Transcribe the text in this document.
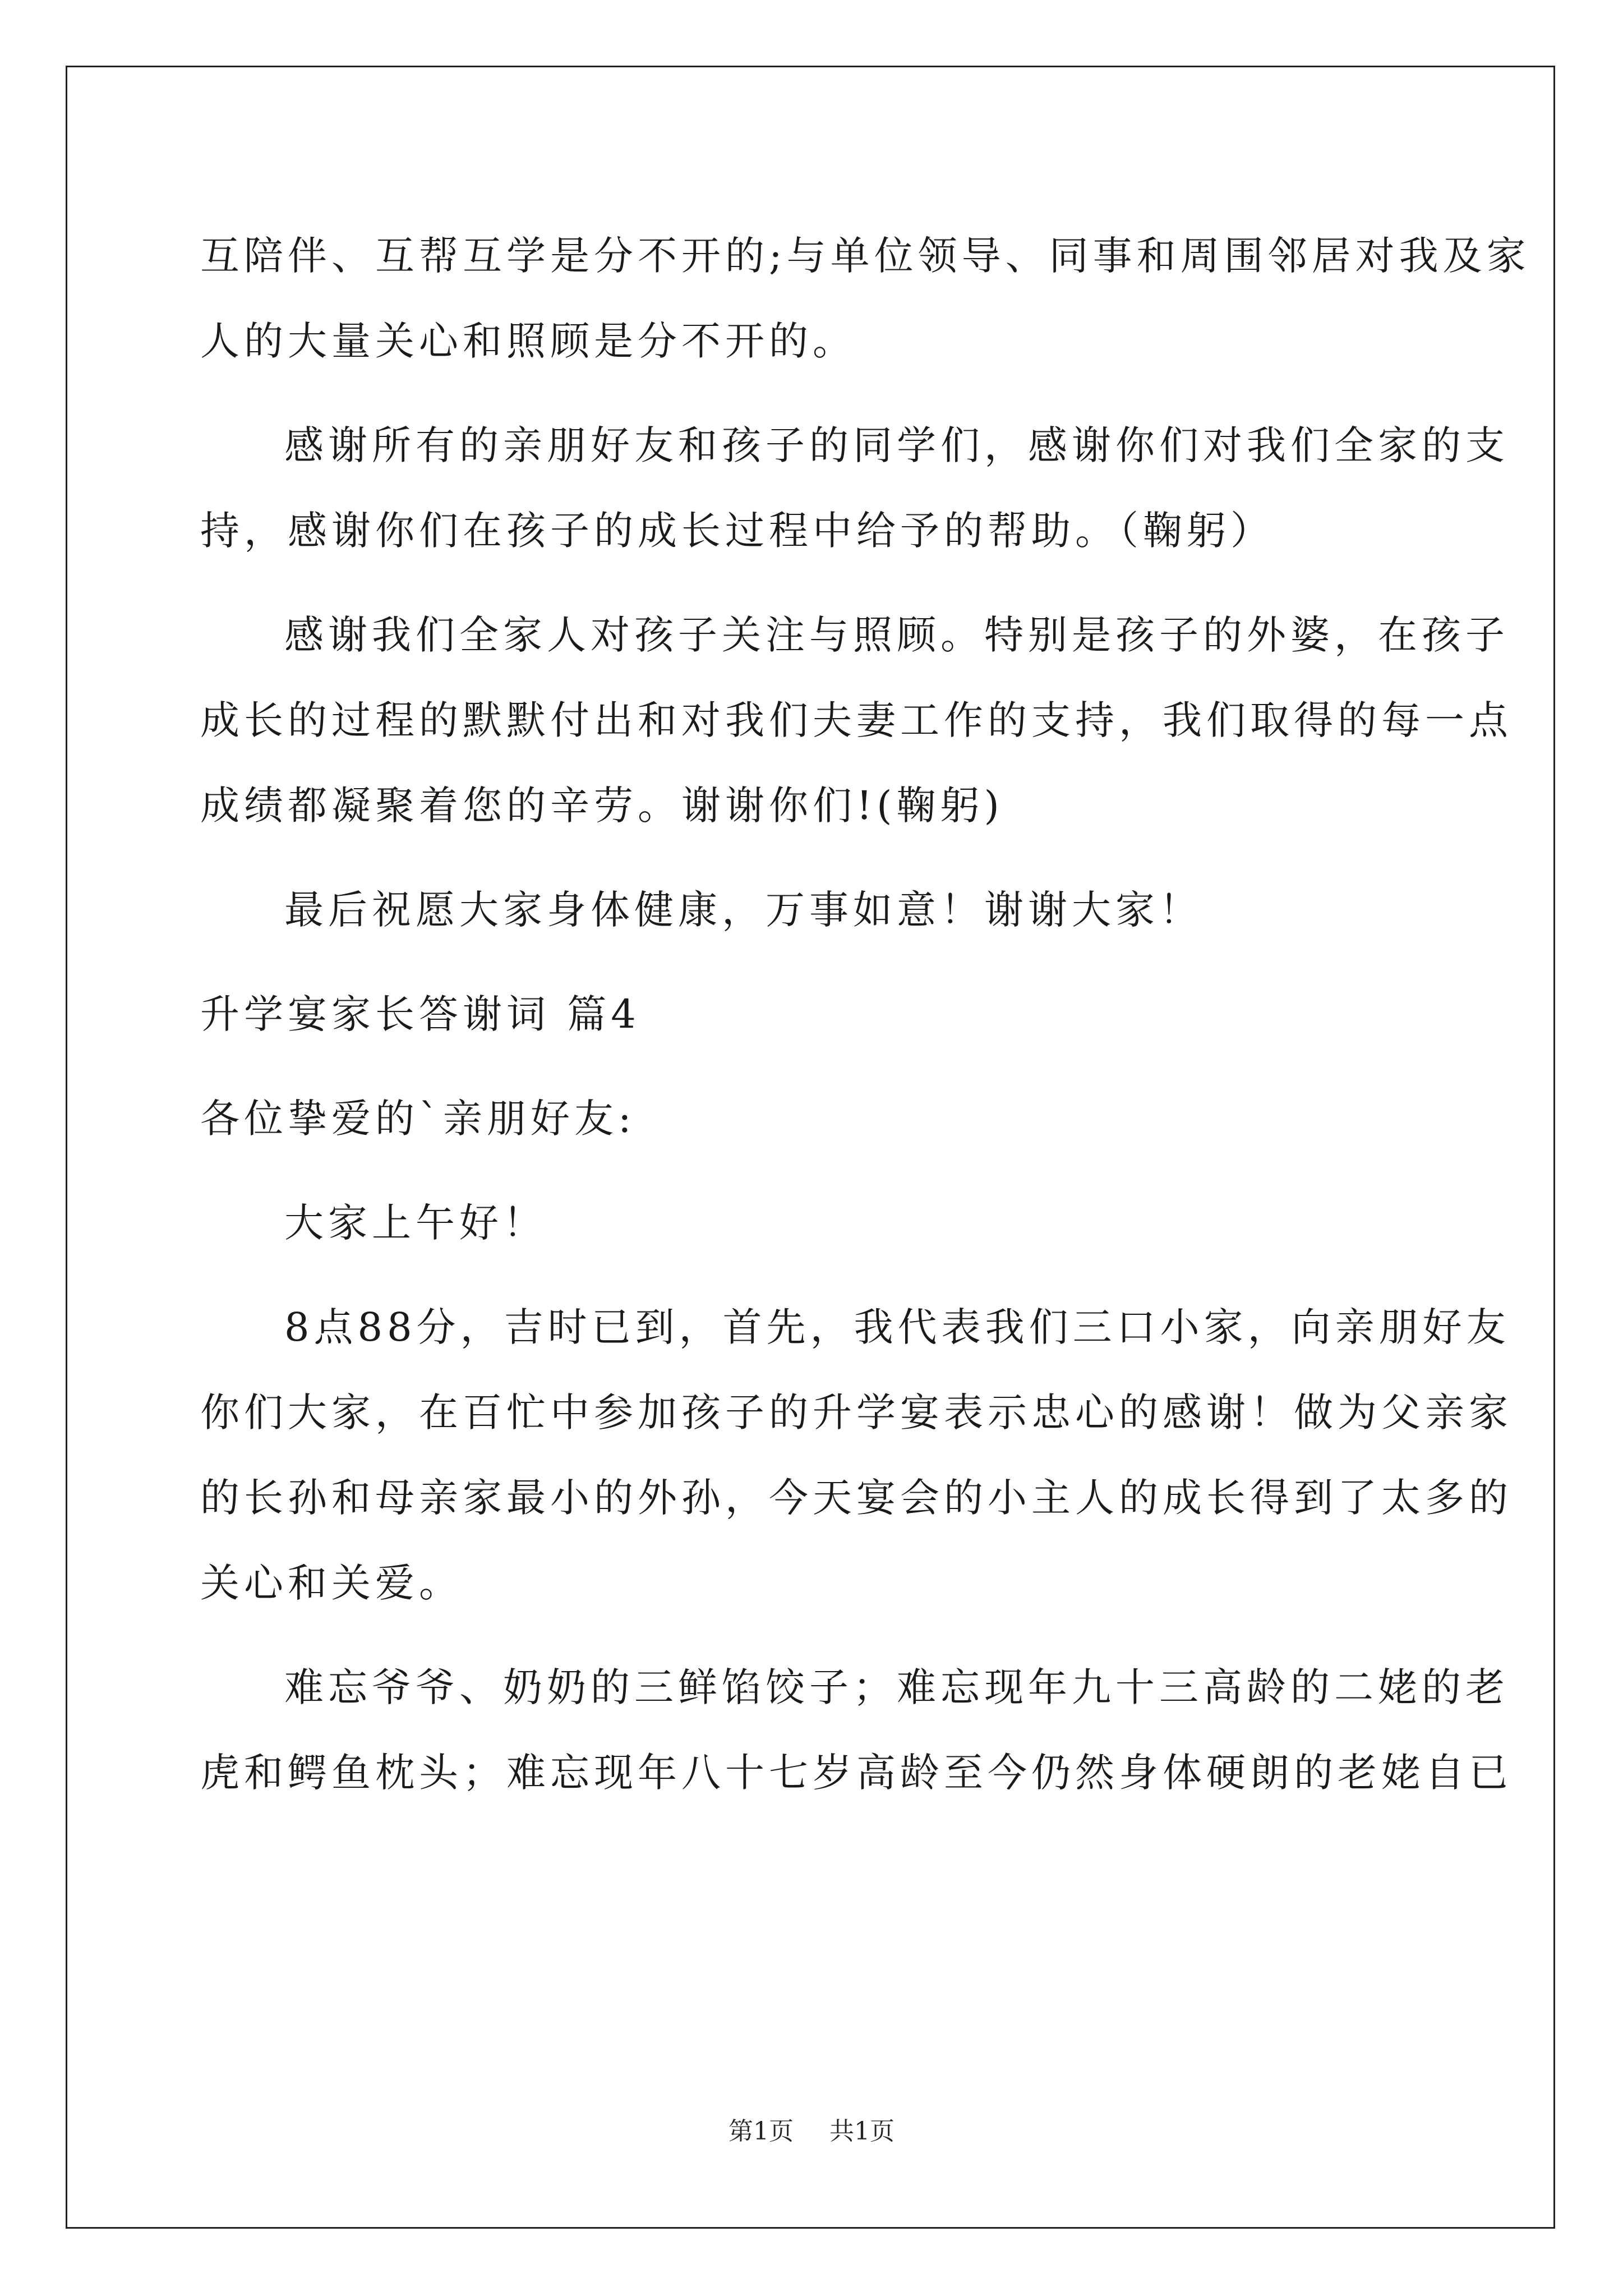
互陪伴、互帮互学是分不开的;与单位领导、同事和周围邻居对我及家
人的大量关心和照顾是分不开的。
感谢所有的亲朋好友和孩子的同学们，感谢你们对我们全家的支
持，感谢你们在孩子的成长过程中给予的帮助。（鞠躬）
感谢我们全家人对孩子关注与照顾。特别是孩子的外婆，在孩子
成长的过程的默默付出和对我们夫妻工作的支持，我们取得的每一点
成绩都凝聚着您的辛劳。谢谢你们!(鞠躬)
最后祝愿大家身体健康，万事如意！谢谢大家！
升学宴家长答谢词 篇4
各位挚爱的`亲朋好友:
大家上午好！
8点88分，吉时已到，首先，我代表我们三口小家，向亲朋好友
你们大家，在百忙中参加孩子的升学宴表示忠心的感谢！做为父亲家
的长孙和母亲家最小的外孙，今天宴会的小主人的成长得到了太多的
关心和关爱。
难忘爷爷、奶奶的三鲜馅饺子；难忘现年九十三高龄的二姥的老
虎和鳄鱼枕头；难忘现年八十七岁高龄至今仍然身体硬朗的老姥自已
第1页 共1页
